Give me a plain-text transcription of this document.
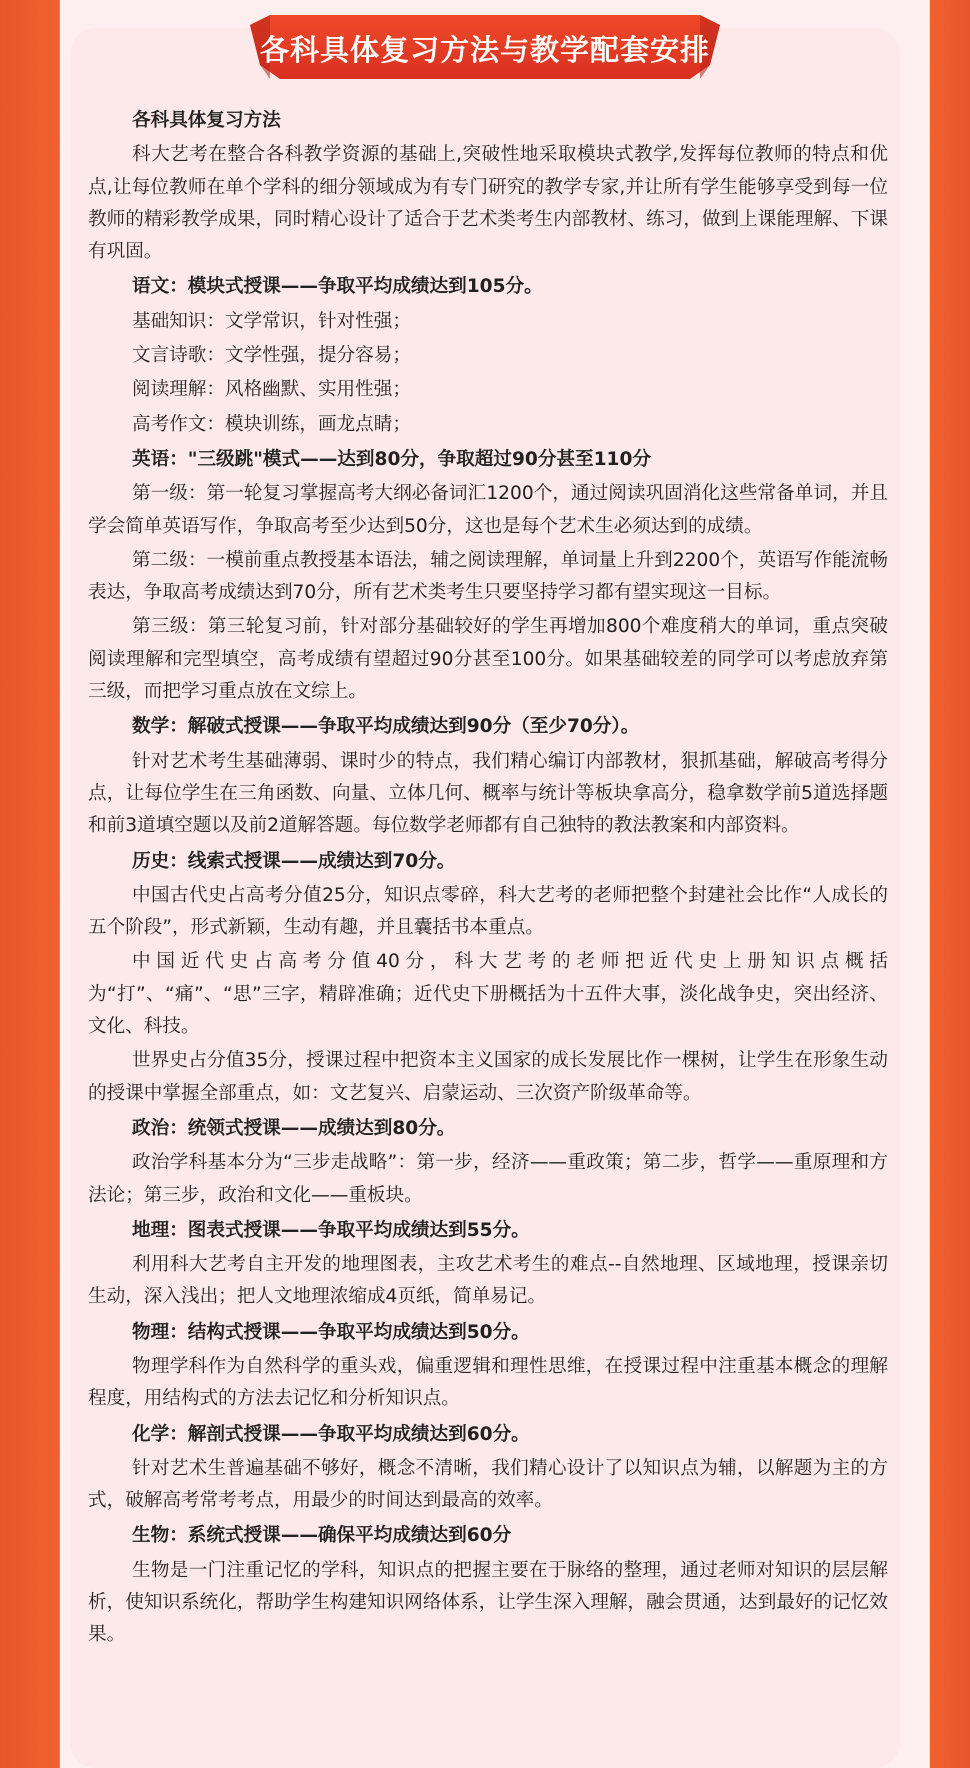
各科具体复习方法与教学配套安排

各科具体复习方法

科大艺考在整合各科教学资源的基础上,突破性地采取模块式教学,发挥每位教师的特点和优点,让每位教师在单个学科的细分领域成为有专门研究的教学专家,并让所有学生能够享受到每一位教师的精彩教学成果，同时精心设计了适合于艺术类考生内部教材、练习，做到上课能理解、下课有巩固。

语文：模块式授课——争取平均成绩达到105分。

基础知识：文学常识，针对性强；

文言诗歌：文学性强，提分容易；

阅读理解：风格幽默、实用性强；

高考作文：模块训练，画龙点睛；

英语："三级跳"模式——达到80分，争取超过90分甚至110分

第一级：第一轮复习掌握高考大纲必备词汇1200个，通过阅读巩固消化这些常备单词，并且学会简单英语写作，争取高考至少达到50分，这也是每个艺术生必须达到的成绩。

第二级：一模前重点教授基本语法，辅之阅读理解，单词量上升到2200个，英语写作能流畅表达，争取高考成绩达到70分，所有艺术类考生只要坚持学习都有望实现这一目标。

第三级：第三轮复习前，针对部分基础较好的学生再增加800个难度稍大的单词，重点突破阅读理解和完型填空，高考成绩有望超过90分甚至100分。如果基础较差的同学可以考虑放弃第三级，而把学习重点放在文综上。

数学：解破式授课——争取平均成绩达到90分（至少70分）。

针对艺术考生基础薄弱、课时少的特点，我们精心编订内部教材，狠抓基础，解破高考得分点，让每位学生在三角函数、向量、立体几何、概率与统计等板块拿高分，稳拿数学前5道选择题和前3道填空题以及前2道解答题。每位数学老师都有自己独特的教法教案和内部资料。

历史：线索式授课——成绩达到70分。

中国古代史占高考分值25分，知识点零碎，科大艺考的老师把整个封建社会比作“人成长的五个阶段”，形式新颖，生动有趣，并且囊括书本重点。

中国近代史占高考分值40分，科大艺考的老师把近代史上册知识点概括为“打”、“痛”、“思”三字，精辟准确；近代史下册概括为十五件大事，淡化战争史，突出经济、文化、科技。

世界史占分值35分，授课过程中把资本主义国家的成长发展比作一棵树，让学生在形象生动的授课中掌握全部重点，如：文艺复兴、启蒙运动、三次资产阶级革命等。

政治：统领式授课——成绩达到80分。

政治学科基本分为“三步走战略”：第一步，经济——重政策；第二步，哲学——重原理和方法论；第三步，政治和文化——重板块。

地理：图表式授课——争取平均成绩达到55分。

利用科大艺考自主开发的地理图表，主攻艺术考生的难点--自然地理、区域地理，授课亲切生动，深入浅出；把人文地理浓缩成4页纸，简单易记。

物理：结构式授课——争取平均成绩达到50分。

物理学科作为自然科学的重头戏，偏重逻辑和理性思维，在授课过程中注重基本概念的理解程度，用结构式的方法去记忆和分析知识点。

化学：解剖式授课——争取平均成绩达到60分。

针对艺术生普遍基础不够好，概念不清晰，我们精心设计了以知识点为辅，以解题为主的方式，破解高考常考考点，用最少的时间达到最高的效率。

生物：系统式授课——确保平均成绩达到60分

生物是一门注重记忆的学科，知识点的把握主要在于脉络的整理，通过老师对知识的层层解析，使知识系统化，帮助学生构建知识网络体系，让学生深入理解，融会贯通，达到最好的记忆效果。
